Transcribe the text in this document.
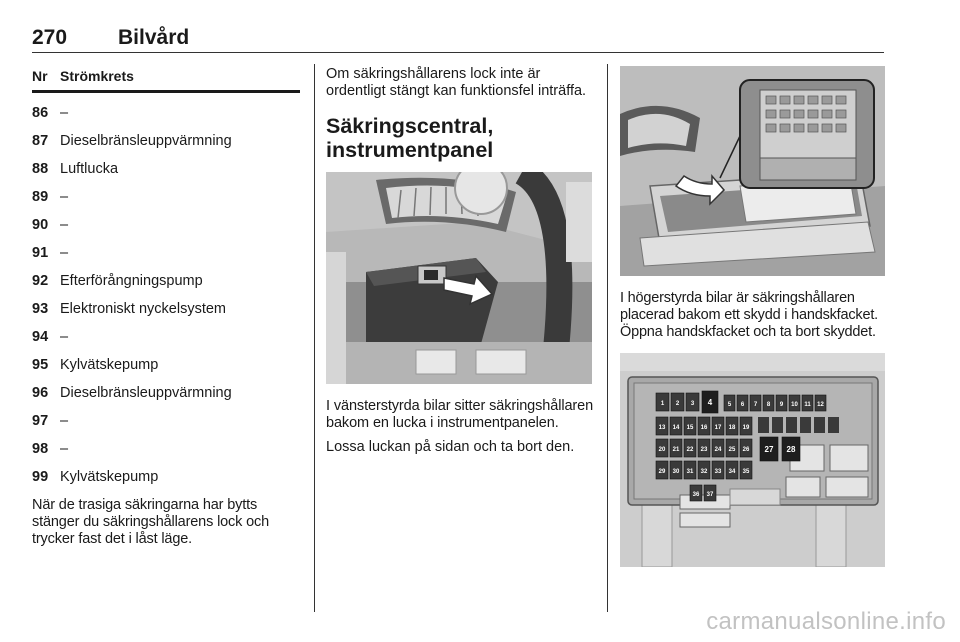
270 Bilvård
Nr Strömkrets
86 –
87 Dieselbränsleuppvärmning
88 Luftlucka
89 –
90 –
91 –
92 Efterförångningspump
93 Elektroniskt nyckelsystem
94 –
95 Kylvätskepump
96 Dieselbränsleuppvärmning
97 –
98 –
99 Kylvätskepump

När de trasiga säkringarna har bytts stänger du säkringshållarens lock och trycker fast det i låst läge.

Om säkringshållarens lock inte är ordentligt stängt kan funktionsfel inträffa.

Säkringscentral, instrumentpanel

I vänsterstyrda bilar sitter säkringshållaren bakom en lucka i instrumentpanelen.

Lossa luckan på sidan och ta bort den.

I högerstyrda bilar är säkringshållaren placerad bakom ett skydd i handskfacket. Öppna handskfacket och ta bort skyddet.

1 2 3 4	5 6 7 8 9 10 11 12
13 14 15 16 17 18 19
20 21 22 23 24 25 26 27 28
29 30 31 32 33 34 35
36 37
carmanualsonline.info
